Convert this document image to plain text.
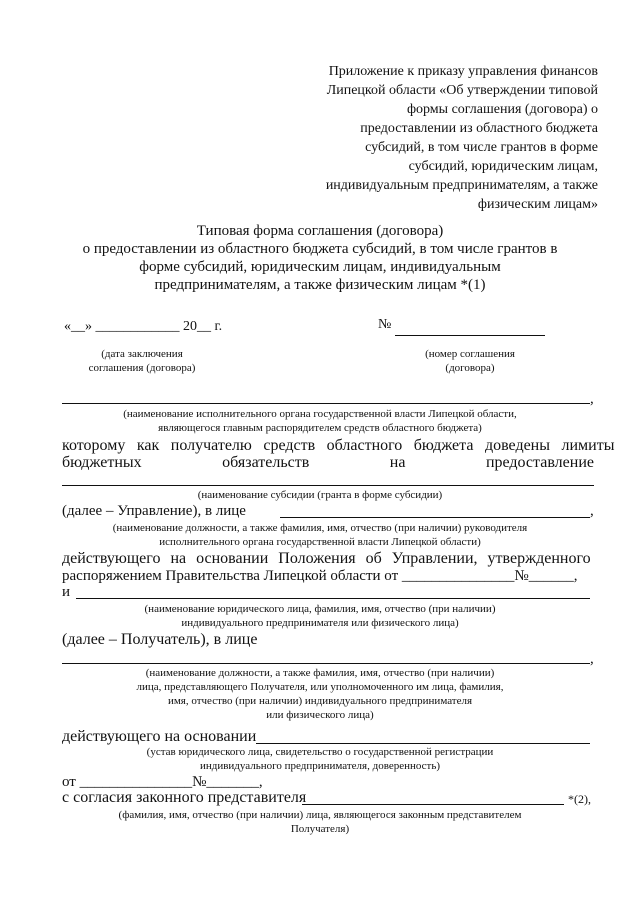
Приложение к приказу управления финансов
Липецкой области «Об утверждении типовой
формы соглашения (договора) о
предоставлении из областного бюджета
субсидий, в том числе грантов в форме
субсидий, юридическим лицам,
индивидуальным предпринимателям, а также
физическим лицам»
Типовая форма соглашения (договора)
о предоставлении из областного бюджета субсидий, в том числе грантов в
форме субсидий, юридическим лицам, индивидуальным
предпринимателям, а также физическим лицам *(1)
«__» ____________ 20__ г.
(дата заключения
соглашения (договора)
№
(номер соглашения
(договора)
,
(наименование исполнительного органа государственной власти Липецкой области,
являющегося главным распорядителем средств областного бюджета)
которому как получателю средств областного бюджета доведены лимиты
бюджетных	обязательств	на	предоставление
(наименование субсидии (гранта в форме субсидии)
(далее – Управление), в лице	,
(наименование должности, а также фамилия, имя, отчество (при наличии) руководителя
исполнительного органа государственной власти Липецкой области)
действующего на основании Положения об Управлении, утвержденного
распоряжением Правительства Липецкой области от _______________№______,
и
(наименование юридического лица, фамилия, имя, отчество (при наличии)
индивидуального предпринимателя или физического лица)
(далее – Получатель), в лице
,
(наименование должности, а также фамилия, имя, отчество (при наличии)
лица, представляющего Получателя, или уполномоченного им лица, фамилия,
имя, отчество (при наличии) индивидуального предпринимателя
или физического лица)
действующего на основании
(устав юридического лица, свидетельство о государственной регистрации
индивидуального предпринимателя, доверенность)
от _______________№_______,
с согласия законного представителя	*(2),
(фамилия, имя, отчество (при наличии) лица, являющегося законным представителем
Получателя)
